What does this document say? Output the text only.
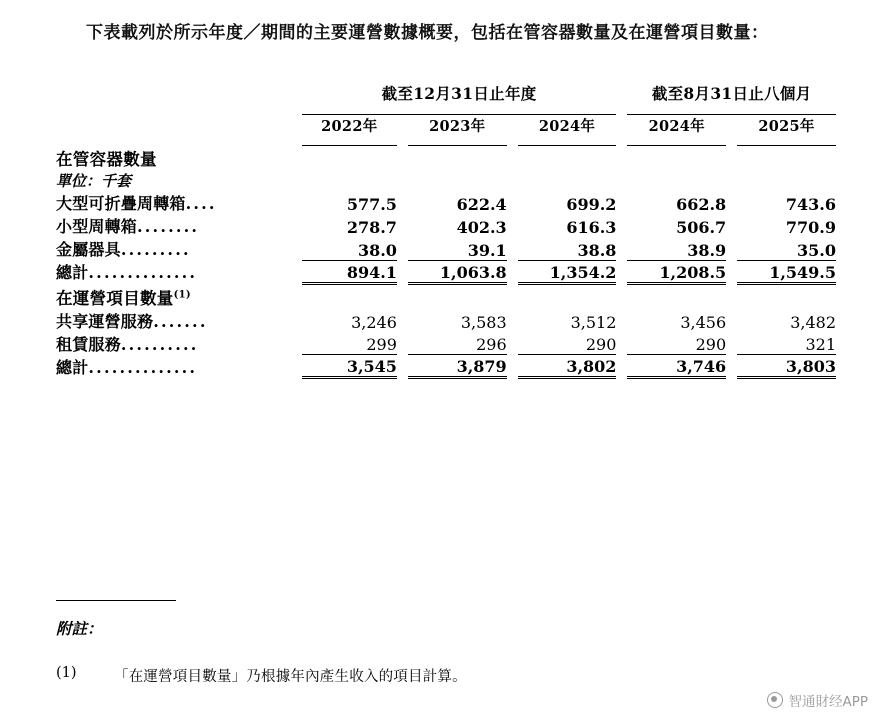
下表載列於所示年度／期間的主要運營數據概要，包括在管容器數量及在運營項目數量：

	截至12月31日止年度						截至8月31日止八個月		

	2022年		2023年		2024年		2024年		2025年

在管容器數量									
單位：千套									
大型可折疊周轉箱....	577.5		622.4		699.2		662.8		743.6
小型周轉箱........	278.7		402.3		616.3		506.7		770.9
金屬器具.........	38.0		39.1		38.8		38.9		35.0
總計..............	894.1		1,063.8		1,354.2		1,208.5		1,549.5
在運營項目數量$^{(1)}$
共享運營服務.......	3,246		3,583		3,512		3,456		3,482
租賃服務..........	299		296		290		290		321
總計..............	3,545		3,879		3,802		3,746		3,803
附註：
(1)	「在運營項目數量」乃根據年內產生收入的項目計算。
智通財经APP
